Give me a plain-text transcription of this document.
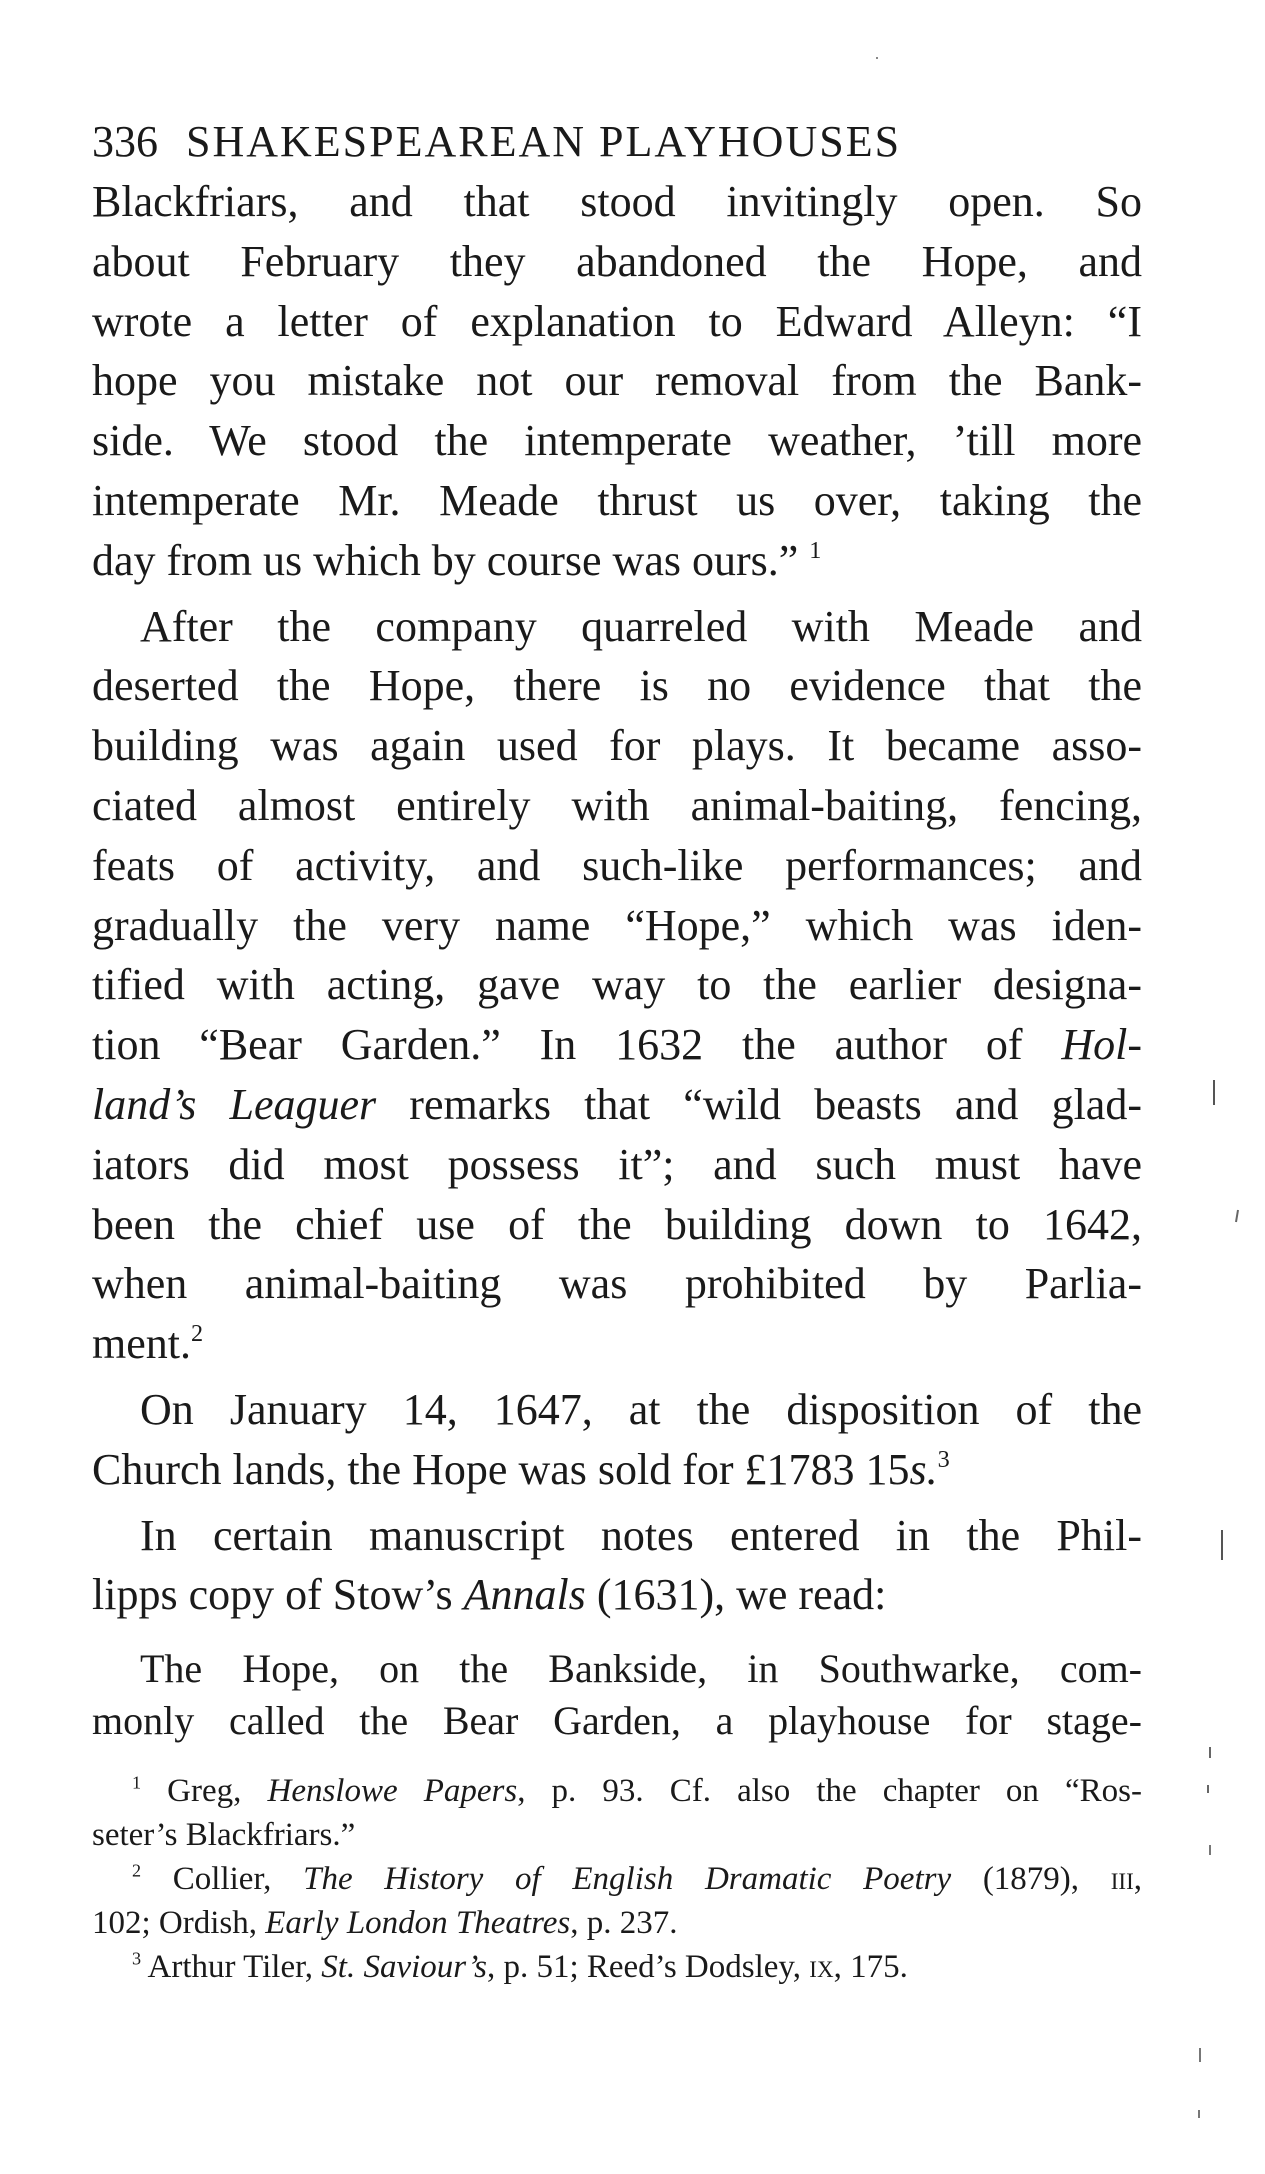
336 SHAKESPEAREAN PLAYHOUSES
Blackfriars, and that stood invitingly open. So
about February they abandoned the Hope, and
wrote a letter of explanation to Edward Alleyn: “I
hope you mistake not our removal from the Bank-
side. We stood the intemperate weather, ’till more
intemperate Mr. Meade thrust us over, taking the
day from us which by course was ours.” $^1$
After the company quarreled with Meade and
deserted the Hope, there is no evidence that the
building was again used for plays. It became asso-
ciated almost entirely with animal-baiting, fencing,
feats of activity, and such-like performances; and
gradually the very name “Hope,” which was iden-
tified with acting, gave way to the earlier designa-
tion “Bear Garden.” In 1632 the author of Hol-
land’s Leaguer remarks that “wild beasts and glad-
iators did most possess it”; and such must have
been the chief use of the building down to 1642,
when animal-baiting was prohibited by Parlia-
ment.$^2$
On January 14, 1647, at the disposition of the
Church lands, the Hope was sold for £1783 15s.$^3$
In certain manuscript notes entered in the Phil-
lipps copy of Stow’s Annals (1631), we read:
The Hope, on the Bankside, in Southwarke, com-
monly called the Bear Garden, a playhouse for stage-
$^1$ Greg, Henslowe Papers, p. 93. Cf. also the chapter on “Ros-
seter’s Blackfriars.”
$^2$ Collier, The History of English Dramatic Poetry (1879), iii,
102; Ordish, Early London Theatres, p. 237.
$^3$ Arthur Tiler, St. Saviour’s, p. 51; Reed’s Dodsley, ix, 175.
